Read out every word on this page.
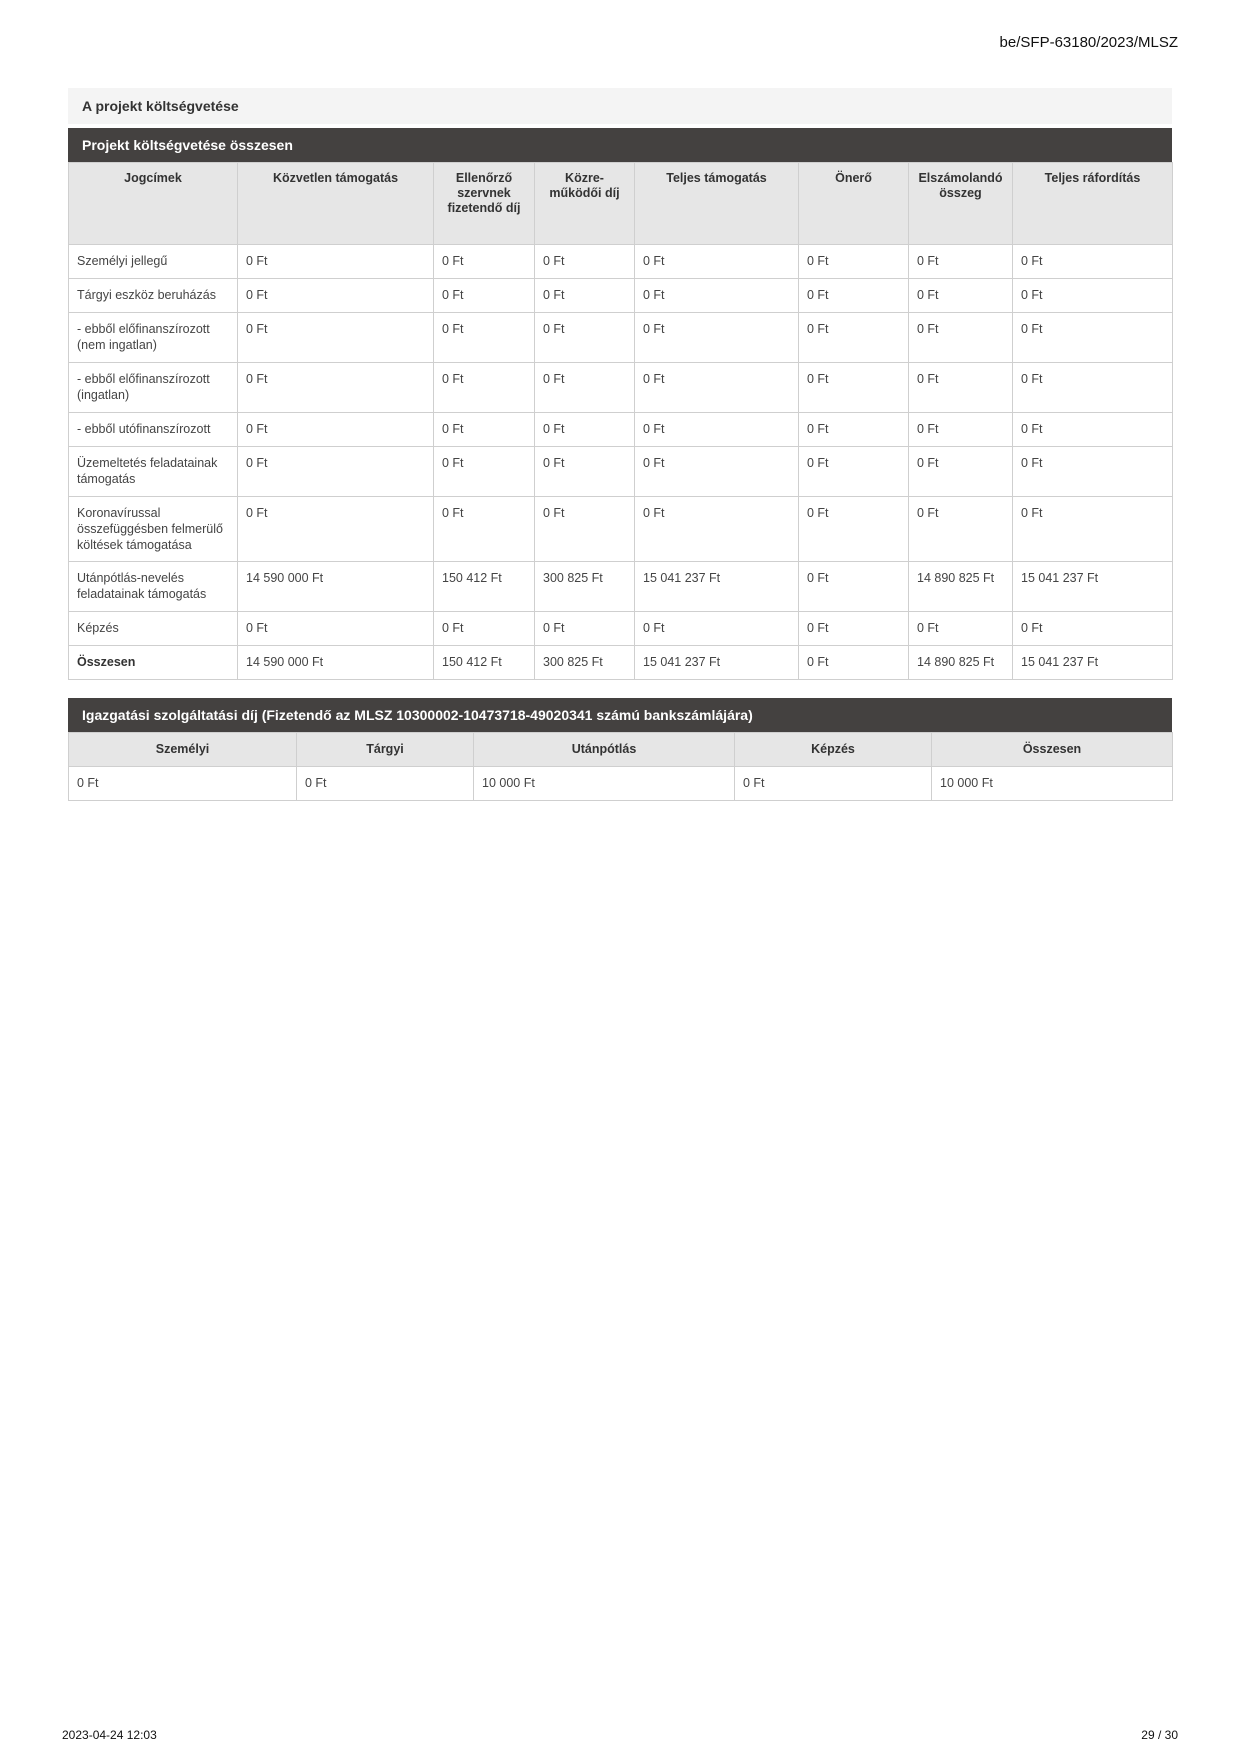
be/SFP-63180/2023/MLSZ
A projekt költségvetése
Projekt költségvetése összesen
Jogcímek	Közvetlen támogatás	Ellenőrző szervnek fizetendő díj	Közre-működői díj	Teljes támogatás	Önerő	Elszámolandó összeg	Teljes ráfordítás
Személyi jellegű	0 Ft	0 Ft	0 Ft	0 Ft	0 Ft	0 Ft	0 Ft
Tárgyi eszköz beruházás	0 Ft	0 Ft	0 Ft	0 Ft	0 Ft	0 Ft	0 Ft
- ebből előfinanszírozott (nem ingatlan)	0 Ft	0 Ft	0 Ft	0 Ft	0 Ft	0 Ft	0 Ft
- ebből előfinanszírozott (ingatlan)	0 Ft	0 Ft	0 Ft	0 Ft	0 Ft	0 Ft	0 Ft
- ebből utófinanszírozott	0 Ft	0 Ft	0 Ft	0 Ft	0 Ft	0 Ft	0 Ft
Üzemeltetés feladatainak támogatás	0 Ft	0 Ft	0 Ft	0 Ft	0 Ft	0 Ft	0 Ft
Koronavírussal összefüggésben felmerülő költések támogatása	0 Ft	0 Ft	0 Ft	0 Ft	0 Ft	0 Ft	0 Ft
Utánpótlás-nevelés feladatainak támogatás	14 590 000 Ft	150 412 Ft	300 825 Ft	15 041 237 Ft	0 Ft	14 890 825 Ft	15 041 237 Ft
Képzés	0 Ft	0 Ft	0 Ft	0 Ft	0 Ft	0 Ft	0 Ft
Összesen	14 590 000 Ft	150 412 Ft	300 825 Ft	15 041 237 Ft	0 Ft	14 890 825 Ft	15 041 237 Ft
Igazgatási szolgáltatási díj (Fizetendő az MLSZ 10300002-10473718-49020341 számú bankszámlájára)
Személyi	Tárgyi	Utánpótlás	Képzés	Összesen
0 Ft	0 Ft	10 000 Ft	0 Ft	10 000 Ft
2023-04-24 12:03	29 / 30
